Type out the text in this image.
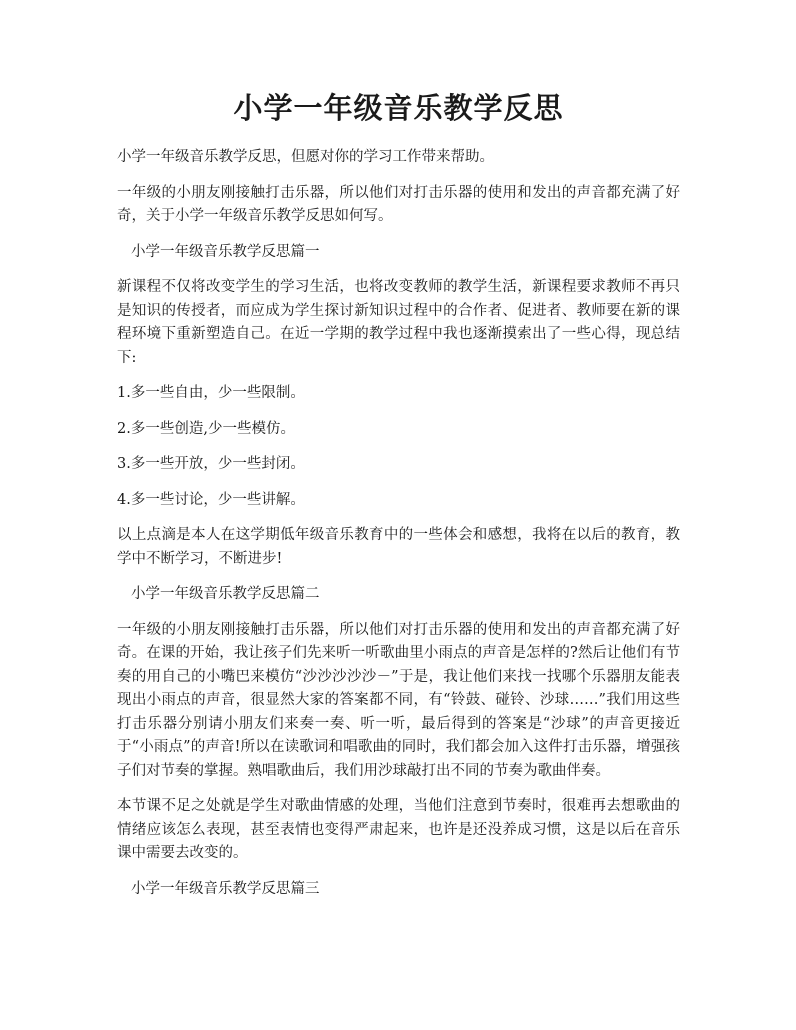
小学一年级音乐教学反思

小学一年级音乐教学反思，但愿对你的学习工作带来帮助。

一年级的小朋友刚接触打击乐器，所以他们对打击乐器的使用和发出的声音都充满了好奇，关于小学一年级音乐教学反思如何写。

小学一年级音乐教学反思篇一

新课程不仅将改变学生的学习生活，也将改变教师的教学生活，新课程要求教师不再只是知识的传授者，而应成为学生探讨新知识过程中的合作者、促进者、教师要在新的课程环境下重新塑造自己。在近一学期的教学过程中我也逐渐摸索出了一些心得，现总结下:

1.多一些自由，少一些限制。

2.多一些创造,少一些模仿。

3.多一些开放，少一些封闭。

4.多一些讨论，少一些讲解。

以上点滴是本人在这学期低年级音乐教育中的一些体会和感想，我将在以后的教育，教学中不断学习，不断进步!

小学一年级音乐教学反思篇二

一年级的小朋友刚接触打击乐器，所以他们对打击乐器的使用和发出的声音都充满了好奇。在课的开始，我让孩子们先来听一听歌曲里小雨点的声音是怎样的?然后让他们有节奏的用自己的小嘴巴来模仿“沙沙沙沙沙－”于是，我让他们来找一找哪个乐器朋友能表现出小雨点的声音，很显然大家的答案都不同，有“铃鼓、碰铃、沙球……”我们用这些打击乐器分别请小朋友们来奏一奏、听一听，最后得到的答案是“沙球”的声音更接近于“小雨点”的声音!所以在读歌词和唱歌曲的同时，我们都会加入这件打击乐器，增强孩子们对节奏的掌握。熟唱歌曲后，我们用沙球敲打出不同的节奏为歌曲伴奏。

本节课不足之处就是学生对歌曲情感的处理，当他们注意到节奏时，很难再去想歌曲的情绪应该怎么表现，甚至表情也变得严肃起来，也许是还没养成习惯，这是以后在音乐课中需要去改变的。

小学一年级音乐教学反思篇三
